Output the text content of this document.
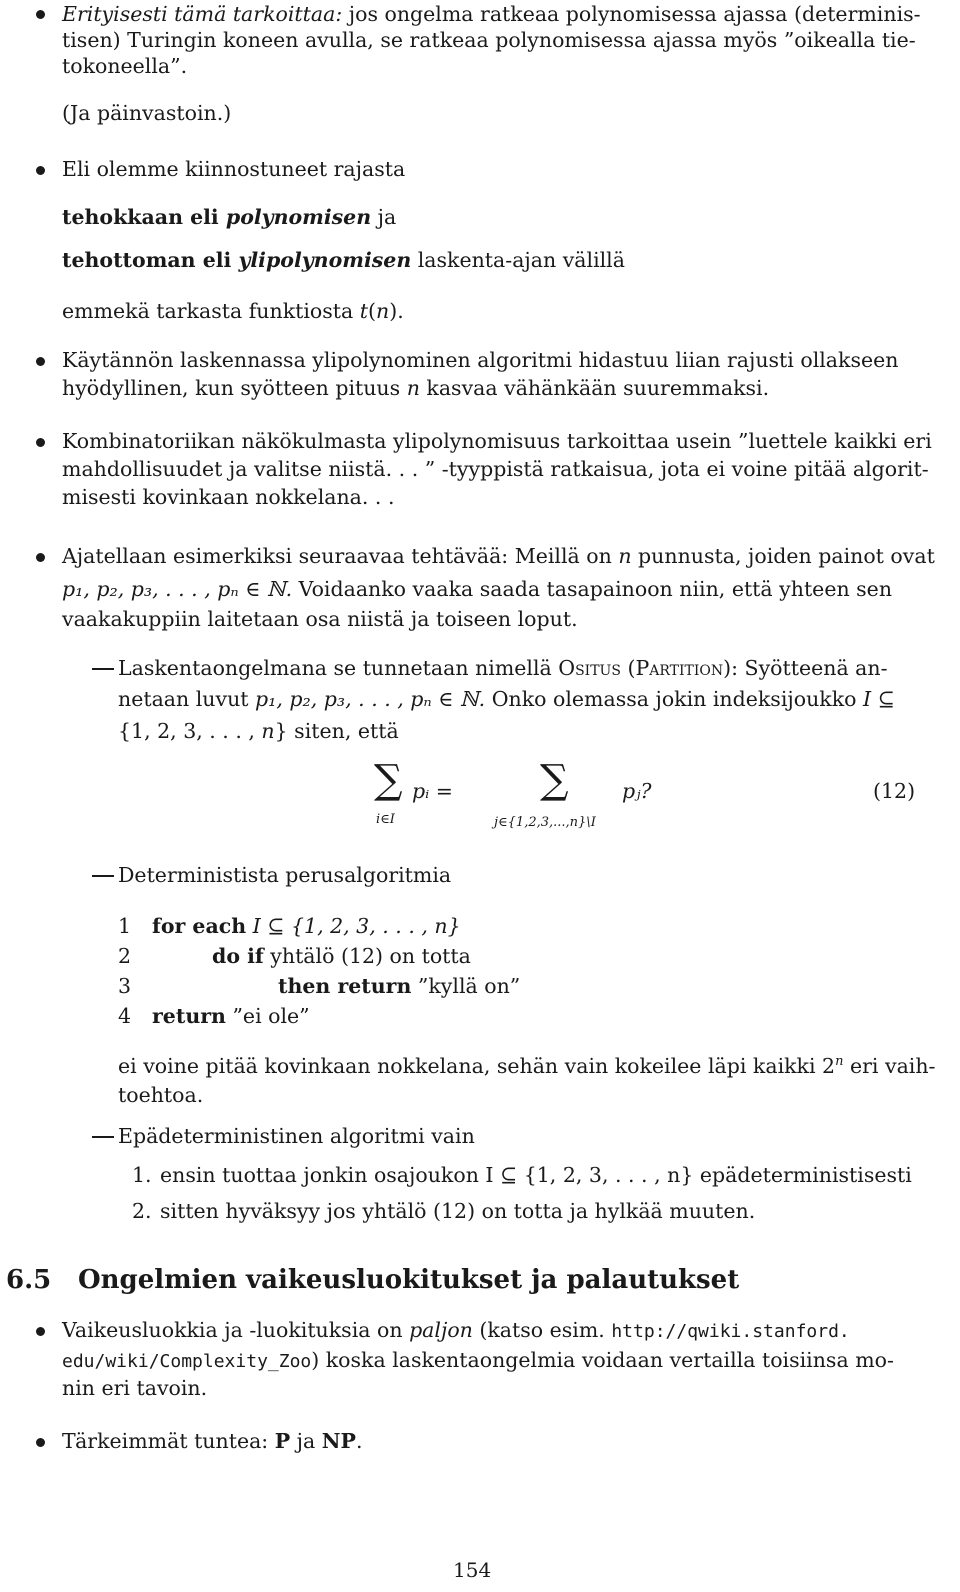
Erityisesti tämä tarkoittaa: jos ongelma ratkeaa polynomisessa ajassa (determinis-
tisen) Turingin koneen avulla, se ratkeaa polynomisessa ajassa myös ”oikealla tie-
tokoneella”.
(Ja päinvastoin.)
Eli olemme kiinnostuneet rajasta
tehokkaan eli polynomisen ja
tehottoman eli ylipolynomisen laskenta-ajan välillä
emmekä tarkasta funktiosta t(n).
Käytännön laskennassa ylipolynominen algoritmi hidastuu liian rajusti ollakseen
hyödyllinen, kun syötteen pituus n kasvaa vähänkään suuremmaksi.
Kombinatoriikan näkökulmasta ylipolynomisuus tarkoittaa usein ”luettele kaikki eri
mahdollisuudet ja valitse niistä. . . ” -tyyppistä ratkaisua, jota ei voine pitää algorit-
misesti kovinkaan nokkelana. . .
Ajatellaan esimerkiksi seuraavaa tehtävää: Meillä on n punnusta, joiden painot ovat
p₁, p₂, p₃, . . . , pₙ ∈ ℕ. Voidaanko vaaka saada tasapainoon niin, että yhteen sen
vaakakuppiin laitetaan osa niistä ja toiseen loput.
Laskentaongelmana se tunnetaan nimellä Ositus (Partition): Syötteenä an-
netaan luvut p₁, p₂, p₃, . . . , pₙ ∈ ℕ. Onko olemassa jokin indeksijoukko I ⊆
{1, 2, 3, . . . , n} siten, että
∑ pᵢ = ∑	pⱼ?
i∈I	j∈{1,2,3,...,n}\I
(12)
Deterministista perusalgoritmia
1 for each I ⊆ {1, 2, 3, . . . , n}
2	do if yhtälö (12) on totta
3	then return ”kyllä on”
4 return ”ei ole”
ei voine pitää kovinkaan nokkelana, sehän vain kokeilee läpi kaikki 2$^n$ eri vaih-
toehtoa.
Epädeterministinen algoritmi vain
1. ensin tuottaa jonkin osajoukon I ⊆ {1, 2, 3, . . . , n} epädeterministisesti
2. sitten hyväksyy jos yhtälö (12) on totta ja hylkää muuten.
6.5 Ongelmien vaikeusluokitukset ja palautukset
Vaikeusluokkia ja -luokituksia on paljon (katso esim. http://qwiki.stanford.
edu/wiki/Complexity_Zoo) koska laskentaongelmia voidaan vertailla toisiinsa mo-
nin eri tavoin.
Tärkeimmät tuntea: P ja NP.
154
